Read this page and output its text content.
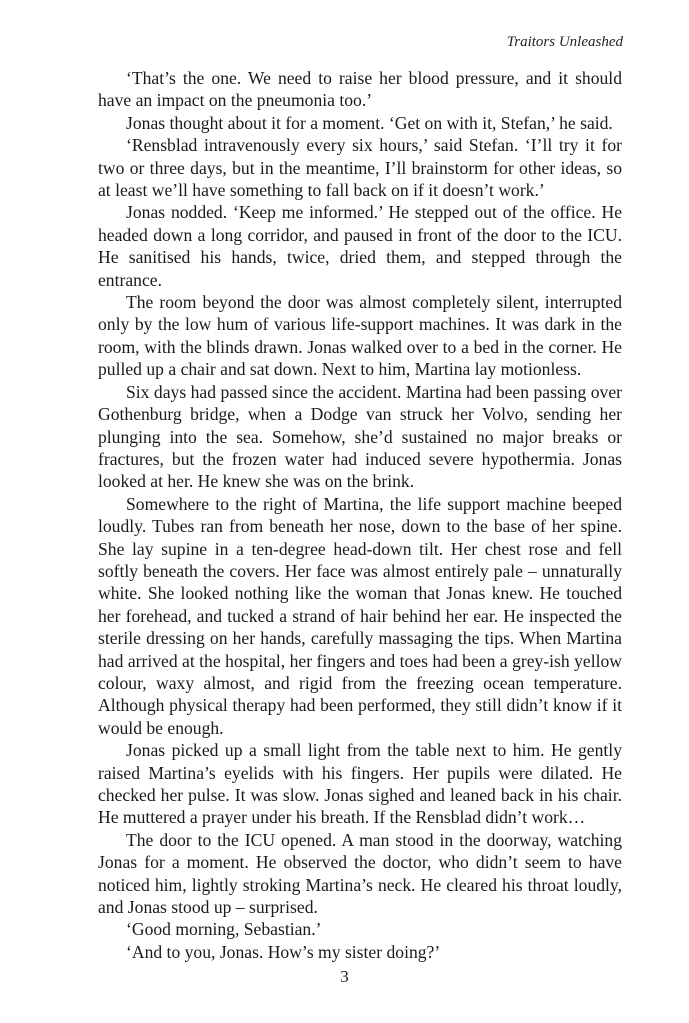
Traitors Unleashed

‘That’s the one. We need to raise her blood pressure, and it should have an impact on the pneumonia too.’

Jonas thought about it for a moment. ‘Get on with it, Stefan,’ he said.

‘Rensblad intravenously every six hours,’ said Stefan. ‘I’ll try it for two or three days, but in the meantime, I’ll brainstorm for other ideas, so at least we’ll have something to fall back on if it doesn’t work.’

Jonas nodded. ‘Keep me informed.’ He stepped out of the office. He headed down a long corridor, and paused in front of the door to the ICU. He sanitised his hands, twice, dried them, and stepped through the entrance.

The room beyond the door was almost completely silent, interrupted only by the low hum of various life-support machines. It was dark in the room, with the blinds drawn. Jonas walked over to a bed in the corner. He pulled up a chair and sat down. Next to him, Martina lay motionless.

Six days had passed since the accident. Martina had been passing over Gothenburg bridge, when a Dodge van struck her Volvo, sending her plunging into the sea. Somehow, she’d sustained no major breaks or fractures, but the frozen water had induced severe hypothermia. Jonas looked at her. He knew she was on the brink.

Somewhere to the right of Martina, the life support machine beeped loudly. Tubes ran from beneath her nose, down to the base of her spine. She lay supine in a ten-degree head-down tilt. Her chest rose and fell softly beneath the covers. Her face was almost entirely pale – unnaturally white. She looked nothing like the woman that Jonas knew. He touched her forehead, and tucked a strand of hair behind her ear. He inspected the sterile dressing on her hands, carefully massaging the tips. When Martina had arrived at the hospital, her fingers and toes had been a grey-ish yellow colour, waxy almost, and rigid from the freezing ocean temperature. Although physical therapy had been performed, they still didn’t know if it would be enough.

Jonas picked up a small light from the table next to him. He gently raised Martina’s eyelids with his fingers. Her pupils were dilated. He checked her pulse. It was slow. Jonas sighed and leaned back in his chair. He muttered a prayer under his breath. If the Rensblad didn’t work…

The door to the ICU opened. A man stood in the doorway, watching Jonas for a moment. He observed the doctor, who didn’t seem to have noticed him, lightly stroking Martina’s neck. He cleared his throat loudly, and Jonas stood up – surprised.

‘Good morning, Sebastian.’

‘And to you, Jonas. How’s my sister doing?’

3
